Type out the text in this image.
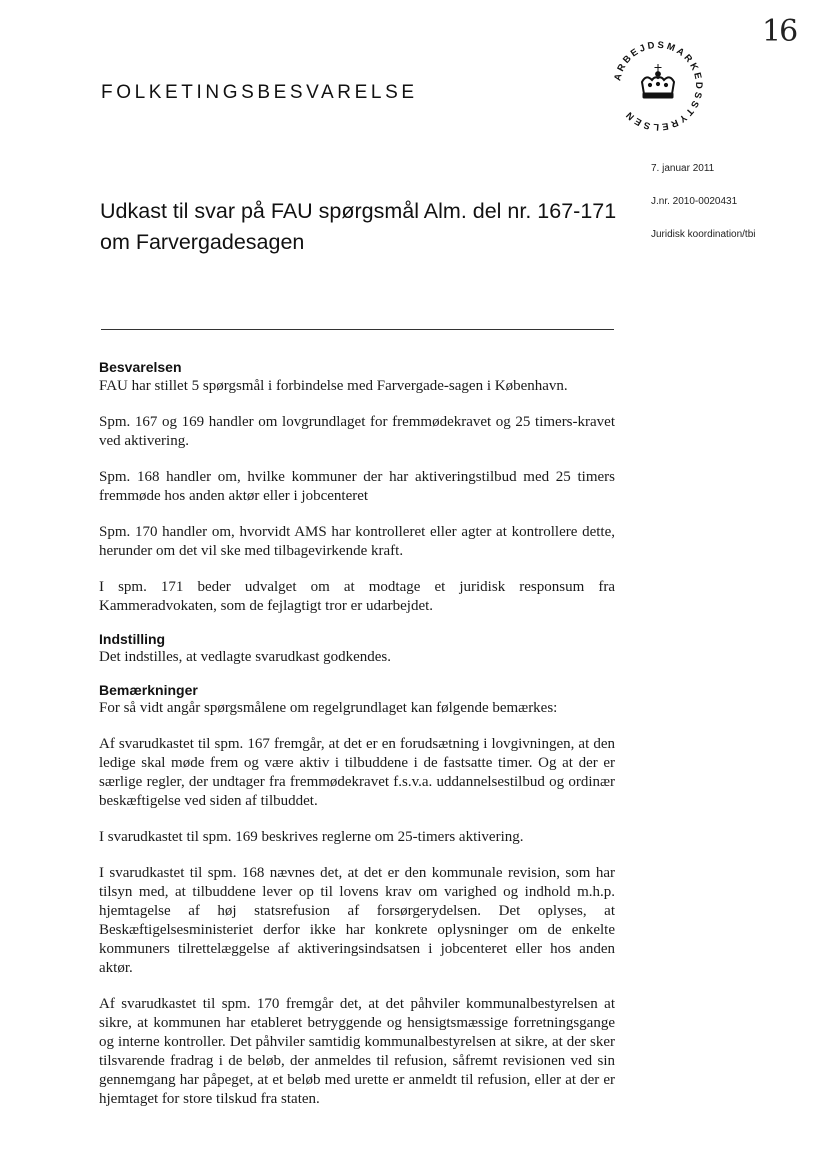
16
FOLKETINGSBESVARELSE
ARBEJDSMARKEDSSTYRELSEN
7. januar 2011
J.nr. 2010-0020431
Juridisk koordination/tbi
Udkast til svar på FAU spørgsmål Alm. del nr. 167-171
om Farvergadesagen
Besvarelsen

FAU har stillet 5 spørgsmål i forbindelse med Farvergade-sagen i København.

Spm. 167 og 169 handler om lovgrundlaget for fremmødekravet og 25 timers-kravet ved aktivering.

Spm. 168 handler om, hvilke kommuner der har aktiveringstilbud med 25 timers fremmøde hos anden aktør eller i jobcenteret

Spm. 170 handler om, hvorvidt AMS har kontrolleret eller agter at kontrollere dette, herunder om det vil ske med tilbagevirkende kraft.

I spm. 171 beder udvalget om at modtage et juridisk responsum fra Kammeradvokaten, som de fejlagtigt tror er udarbejdet.

Indstilling

Det indstilles, at vedlagte svarudkast godkendes.

Bemærkninger

For så vidt angår spørgsmålene om regelgrundlaget kan følgende bemærkes:

Af svarudkastet til spm. 167 fremgår, at det er en forudsætning i lovgivningen, at den ledige skal møde frem og være aktiv i tilbuddene i de fastsatte timer. Og at der er særlige regler, der undtager fra fremmødekravet f.s.v.a. uddannelsestilbud og ordinær beskæftigelse ved siden af tilbuddet.

I svarudkastet til spm. 169 beskrives reglerne om 25-timers aktivering.

I svarudkastet til spm. 168 nævnes det, at det er den kommunale revision, som har tilsyn med, at tilbuddene lever op til lovens krav om varighed og indhold m.h.p. hjemtagelse af høj statsrefusion af forsørgerydelsen. Det oplyses, at Beskæftigelsesministeriet derfor ikke har konkrete oplysninger om de enkelte kommuners tilrettelæggelse af aktiveringsindsatsen i jobcenteret eller hos anden aktør.

Af svarudkastet til spm. 170 fremgår det, at det påhviler kommunalbestyrelsen at sikre, at kommunen har etableret betryggende og hensigtsmæssige forretningsgange og interne kontroller. Det påhviler samtidig kommunalbestyrelsen at sikre, at der sker tilsvarende fradrag i de beløb, der anmeldes til refusion, såfremt revisionen ved sin gennemgang har påpeget, at et beløb med urette er anmeldt til refusion, eller at der er hjemtaget for store tilskud fra staten.
